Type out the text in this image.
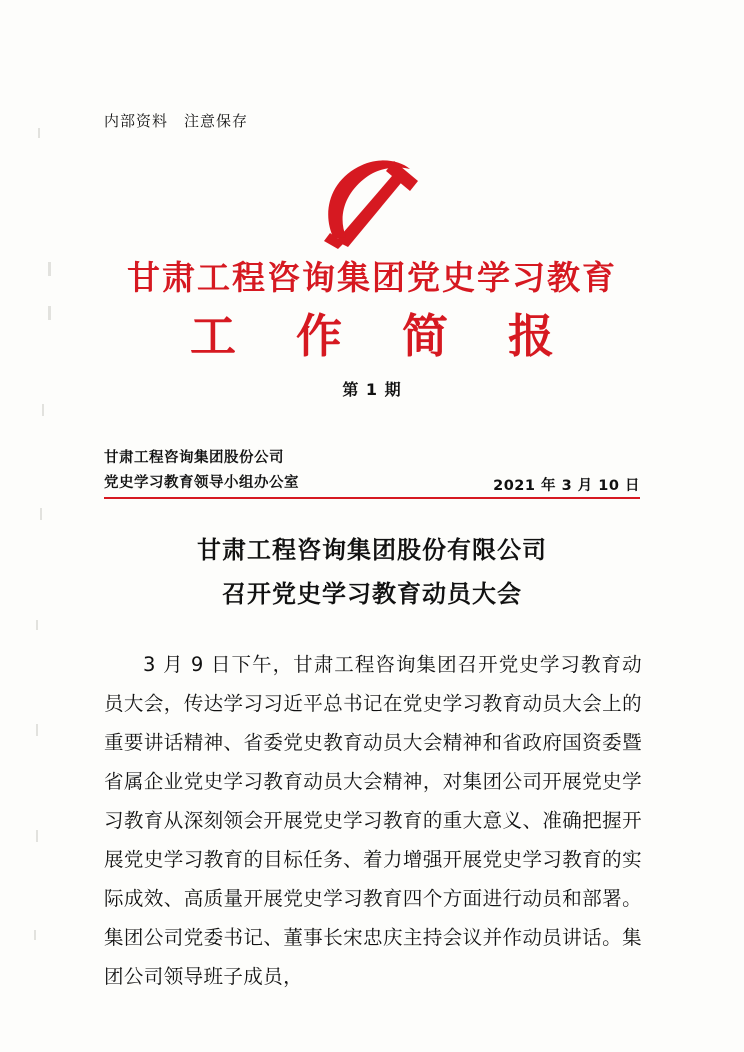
内部资料　注意保存
甘肃工程咨询集团党史学习教育
工 作 简 报
第 1 期
甘肃工程咨询集团股份公司
党史学习教育领导小组办公室	2021 年 3 月 10 日
甘肃工程咨询集团股份有限公司
召开党史学习教育动员大会

3 月 9 日下午，甘肃工程咨询集团召开党史学习教育动员大会，传达学习习近平总书记在党史学习教育动员大会上的重要讲话精神、省委党史教育动员大会精神和省政府国资委暨省属企业党史学习教育动员大会精神，对集团公司开展党史学习教育从深刻领会开展党史学习教育的重大意义、准确把握开展党史学习教育的目标任务、着力增强开展党史学习教育的实际成效、高质量开展党史学习教育四个方面进行动员和部署。集团公司党委书记、董事长宋忠庆主持会议并作动员讲话。集团公司领导班子成员，
